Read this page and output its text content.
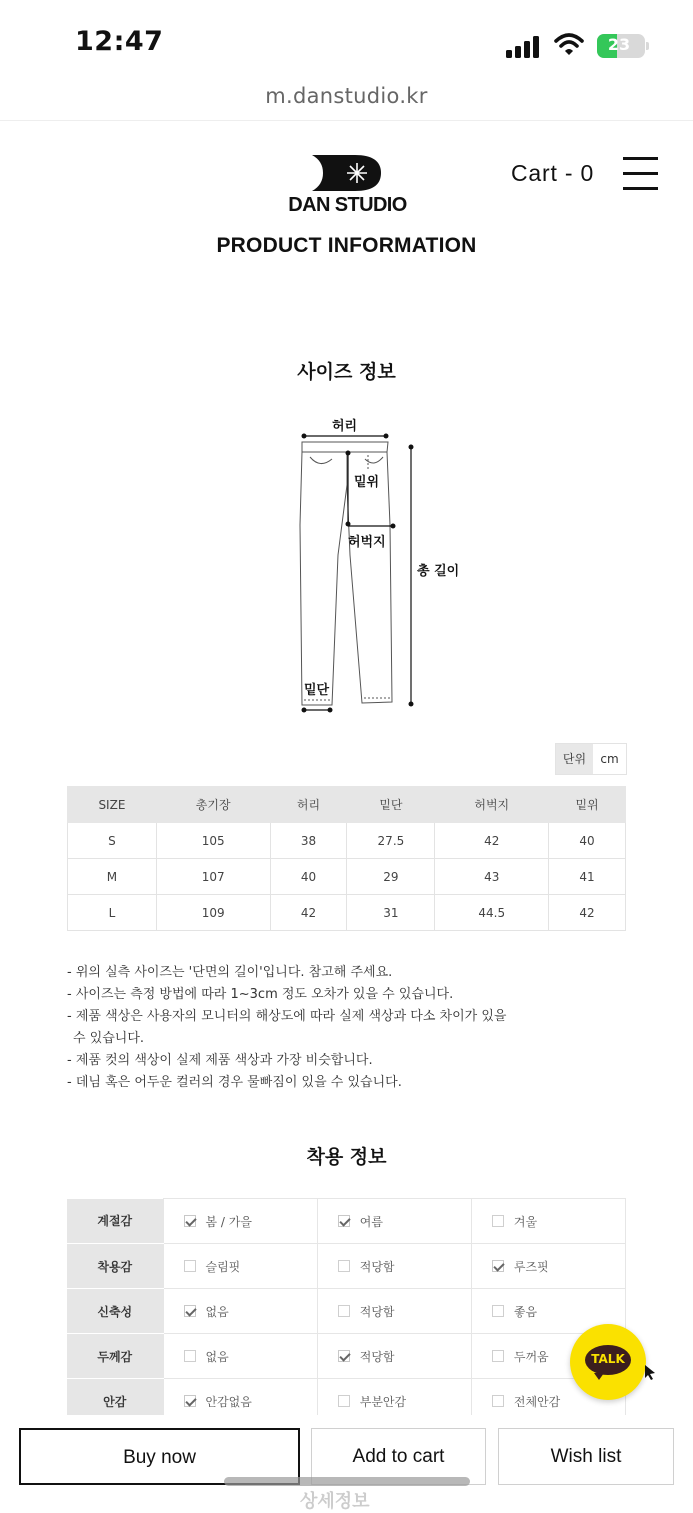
12:47	23
m.danstudio.kr
DAN STUDIO
Cart - 0
PRODUCT INFORMATION
사이즈 정보
허리
밑위
허벅지
총 길이
밑단
단위	cm
SIZE	총기장	허리	밑단	허벅지	밑위
S	105	38	27.5	42	40
M	107	40	29	43	41
L	109	42	31	44.5	42
- 위의 실측 사이즈는 '단면의 길이'입니다. 참고해 주세요.
- 사이즈는 측정 방법에 따라 1~3cm 정도 오차가 있을 수 있습니다.
- 제품 색상은 사용자의 모니터의 해상도에 따라 실제 색상과 다소 차이가 있을
수 있습니다.
- 제품 컷의 색상이 실제 제품 색상과 가장 비슷합니다.
- 데님 혹은 어두운 컬러의 경우 물빠짐이 있을 수 있습니다.
착용 정보
계절감	봄 / 가을	여름	겨울

착용감	슬림핏	적당함	루즈핏

신축성	없음	적당함	좋음

두께감	없음	적당함	두꺼움

안감	안감없음	부분안감	전체안감
TALK
상세정보
Buy now	Add to cart	Wish list
